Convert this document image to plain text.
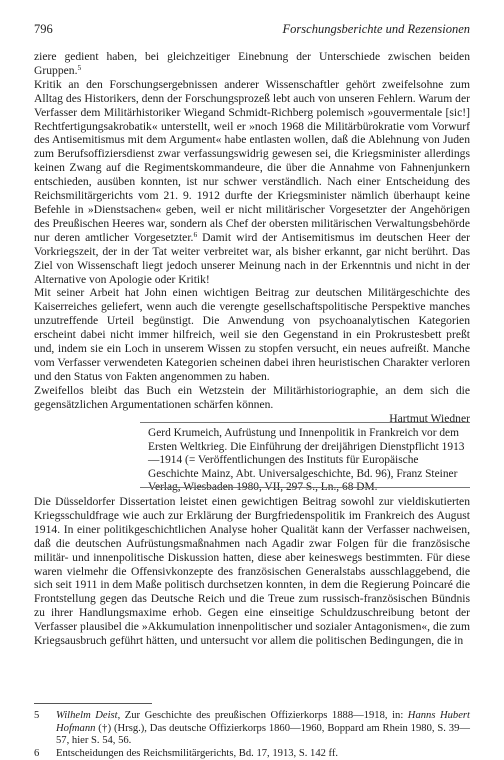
796	Forschungsberichte und Rezensionen

ziere gedient haben, bei gleichzeitiger Einebnung der Unterschiede zwischen beiden Gruppen.$^5$

Kritik an den Forschungsergebnissen anderer Wissenschaftler gehört zweifelsohne zum Alltag des Historikers, denn der Forschungsprozeß lebt auch von unseren Fehlern. Warum der Verfasser dem Militärhistoriker Wiegand Schmidt-Richberg polemisch »gouvermentale [sic!] Rechtfertigungsakrobatik« unterstellt, weil er »noch 1968 die Militärbürokratie vom Vorwurf des Antisemitismus mit dem Argument« habe entlasten wollen, daß die Ablehnung von Juden zum Berufsoffiziersdienst zwar verfassungswidrig gewesen sei, die Kriegsminister allerdings keinen Zwang auf die Regimentskommandeure, die über die Annahme von Fahnenjunkern entschieden, ausüben konnten, ist nur schwer verständlich. Nach einer Entscheidung des Reichsmilitärgerichts vom 21. 9. 1912 durfte der Kriegsminister nämlich überhaupt keine Befehle in »Dienstsachen« geben, weil er nicht militärischer Vorgesetzter der Angehörigen des Preußischen Heeres war, sondern als Chef der obersten militärischen Verwaltungsbehörde nur deren amtlicher Vorgesetzter.$^6$ Damit wird der Antisemitismus im deutschen Heer der Vorkriegszeit, der in der Tat weiter verbreitet war, als bisher erkannt, gar nicht berührt. Das Ziel von Wissenschaft liegt jedoch unserer Meinung nach in der Erkenntnis und nicht in der Alternative von Apologie oder Kritik!

Mit seiner Arbeit hat John einen wichtigen Beitrag zur deutschen Militärgeschichte des Kaiserreiches geliefert, wenn auch die verengte gesellschaftspolitische Perspektive manches unzutreffende Urteil begünstigt. Die Anwendung von psychoanalytischen Kategorien erscheint dabei nicht immer hilfreich, weil sie den Gegenstand in ein Prokrustesbett preßt und, indem sie ein Loch in unserem Wissen zu stopfen versucht, ein neues aufreißt. Manche vom Verfasser verwendeten Kategorien scheinen dabei ihren heuristischen Charakter verloren und den Status von Fakten angenommen zu haben.

Zweifellos bleibt das Buch ein Wetzstein der Militärhistoriographie, an dem sich die gegensätzlichen Argumentationen schärfen können.

Hartmut Wiedner

Gerd Krumeich, Aufrüstung und Innenpolitik in Frankreich vor dem Ersten Weltkrieg. Die Einführung der dreijährigen Dienstpflicht 1913—1914 (= Veröffentlichungen des Instituts für Europäische Geschichte Mainz, Abt. Universalgeschichte, Bd. 96), Franz Steiner Verlag, Wiesbaden 1980, VII, 297 S., Ln., 68 DM.

Die Düsseldorfer Dissertation leistet einen gewichtigen Beitrag sowohl zur vieldiskutierten Kriegsschuldfrage wie auch zur Erklärung der Burgfriedenspolitik im Frankreich des August 1914. In einer politikgeschichtlichen Analyse hoher Qualität kann der Verfasser nachweisen, daß die deutschen Aufrüstungsmaßnahmen nach Agadir zwar Folgen für die französische militär- und innenpolitische Diskussion hatten, diese aber keineswegs bestimmten. Für diese waren vielmehr die Offensivkonzepte des französischen Generalstabs ausschlaggebend, die sich seit 1911 in dem Maße politisch durchsetzen konnten, in dem die Regierung Poincaré die Frontstellung gegen das Deutsche Reich und die Treue zum russisch-französischen Bündnis zu ihrer Handlungsmaxime erhob. Gegen eine einseitige Schuldzuschreibung betont der Verfasser plausibel die »Akkumulation innenpolitischer und sozialer Antagonismen«, die zum Kriegsausbruch geführt hätten, und untersucht vor allem die politischen Bedingungen, die in

5 Wilhelm Deist, Zur Geschichte des preußischen Offizierkorps 1888—1918, in: Hanns Hubert Hofmann (†) (Hrsg.), Das deutsche Offizierkorps 1860—1960, Boppard am Rhein 1980, S. 39—57, hier S. 54, 56.

6 Entscheidungen des Reichsmilitärgerichts, Bd. 17, 1913, S. 142 ff.
